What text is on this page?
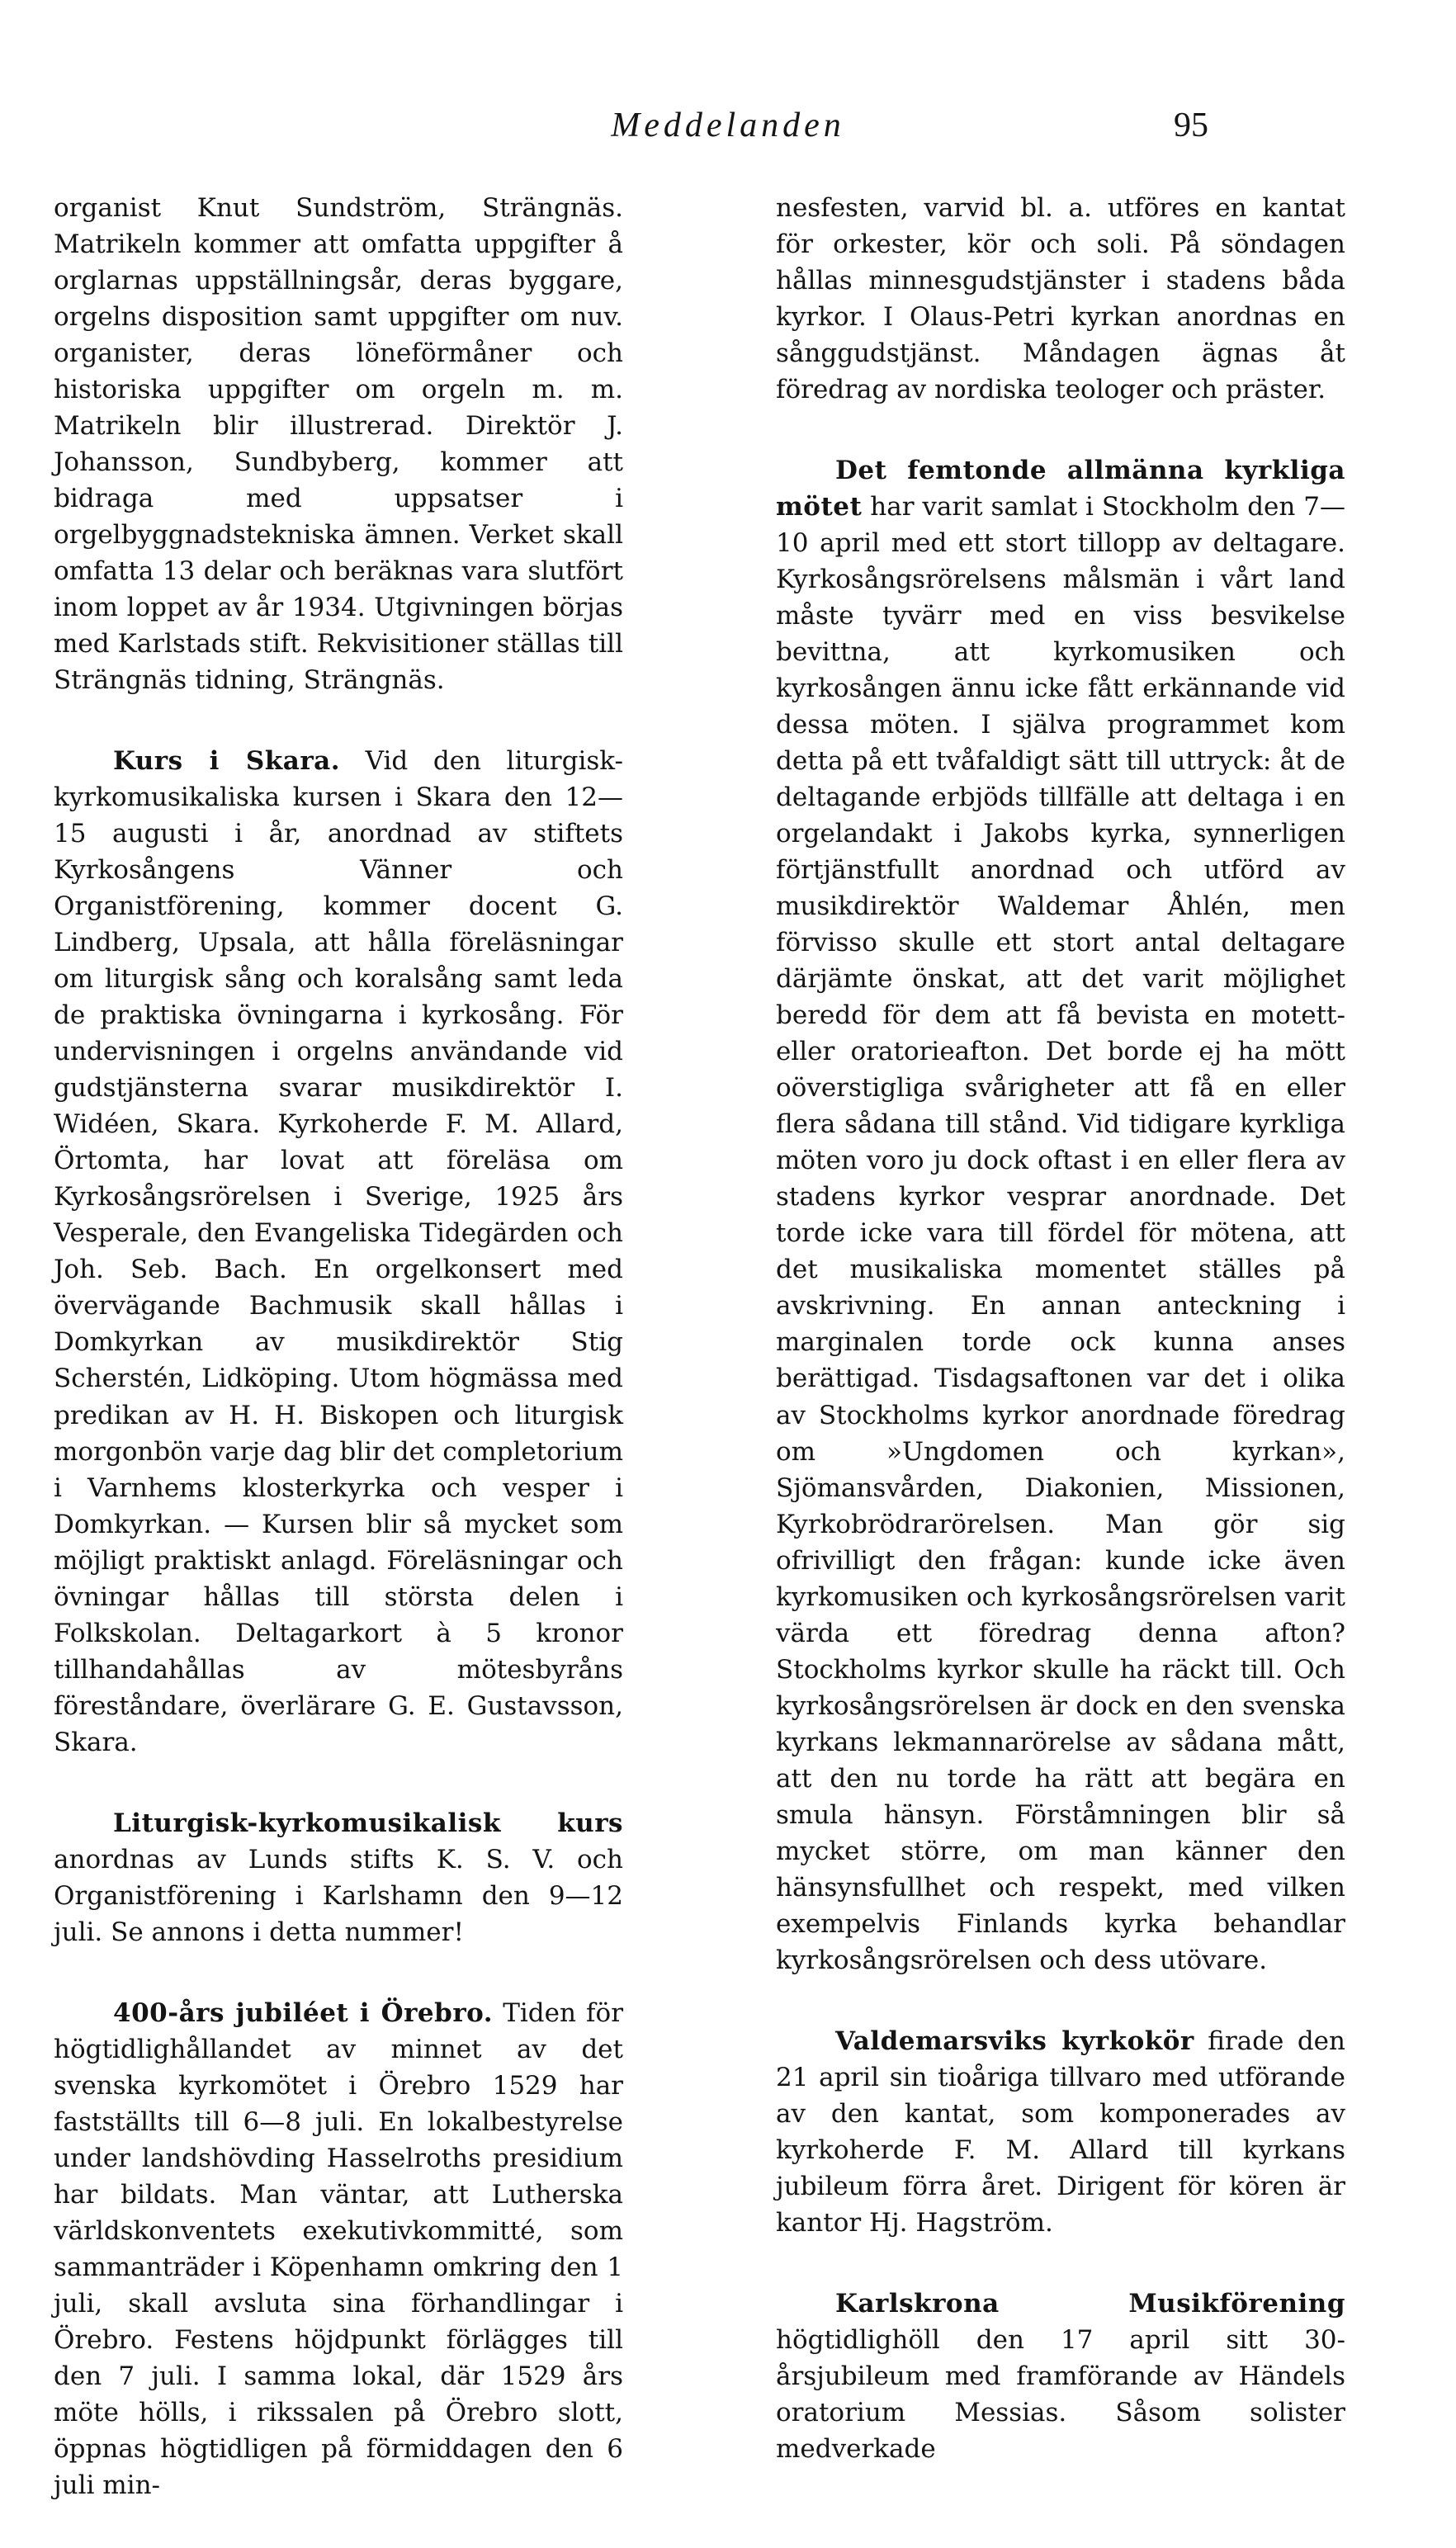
Meddelanden	95

organist Knut Sundström, Strängnäs. Matrikeln kommer att omfatta uppgifter å orglarnas uppställningsår, deras byggare, orgelns disposition samt uppgifter om nuv. organister, deras löneförmåner och historiska uppgifter om orgeln m. m. Matrikeln blir illustrerad. Direktör J. Johansson, Sundbyberg, kommer att bidraga med uppsatser i orgelbyggnadstekniska ämnen. Verket skall omfatta 13 delar och beräknas vara slutfört inom loppet av år 1934. Utgivningen börjas med Karlstads stift. Rekvisitioner ställas till Strängnäs tidning, Strängnäs.

Kurs i Skara. Vid den liturgisk-kyrkomusikaliska kursen i Skara den 12—15 augusti i år, anordnad av stiftets Kyrkosångens Vänner och Organistförening, kommer docent G. Lindberg, Upsala, att hålla föreläsningar om liturgisk sång och koralsång samt leda de praktiska övningarna i kyrkosång. För undervisningen i orgelns användande vid gudstjänsterna svarar musikdirektör I. Widéen, Skara. Kyrkoherde F. M. Allard, Örtomta, har lovat att föreläsa om Kyrkosångsrörelsen i Sverige, 1925 års Vesperale, den Evangeliska Tidegärden och Joh. Seb. Bach. En orgelkonsert med övervägande Bachmusik skall hållas i Domkyrkan av musikdirektör Stig Scherstén, Lidköping. Utom högmässa med predikan av H. H. Biskopen och liturgisk morgonbön varje dag blir det completorium i Varnhems klosterkyrka och vesper i Domkyrkan. — Kursen blir så mycket som möjligt praktiskt anlagd. Föreläsningar och övningar hållas till största delen i Folkskolan. Deltagarkort à 5 kronor tillhandahållas av mötesbyråns föreståndare, överlärare G. E. Gustavsson, Skara.

Liturgisk-kyrkomusikalisk kurs anordnas av Lunds stifts K. S. V. och Organistförening i Karlshamn den 9—12 juli. Se annons i detta nummer!

400-års jubiléet i Örebro. Tiden för högtidlighållandet av minnet av det svenska kyrkomötet i Örebro 1529 har fastställts till 6—8 juli. En lokalbestyrelse under landshövding Hasselroths presidium har bildats. Man väntar, att Lutherska världskonventets exekutivkommitté, som sammanträder i Köpenhamn omkring den 1 juli, skall avsluta sina förhandlingar i Örebro. Festens höjdpunkt förlägges till den 7 juli. I samma lokal, där 1529 års möte hölls, i rikssalen på Örebro slott, öppnas högtidligen på förmiddagen den 6 juli min-

nesfesten, varvid bl. a. utföres en kantat för orkester, kör och soli. På söndagen hållas minnesgudstjänster i stadens båda kyrkor. I Olaus-Petri kyrkan anordnas en sånggudstjänst. Måndagen ägnas åt föredrag av nordiska teologer och präster.

Det femtonde allmänna kyrkliga mötet har varit samlat i Stockholm den 7—10 april med ett stort tillopp av deltagare. Kyrkosångsrörelsens målsmän i vårt land måste tyvärr med en viss besvikelse bevittna, att kyrkomusiken och kyrkosången ännu icke fått erkännande vid dessa möten. I själva programmet kom detta på ett tvåfaldigt sätt till uttryck: åt de deltagande erbjöds tillfälle att deltaga i en orgelandakt i Jakobs kyrka, synnerligen förtjänstfullt anordnad och utförd av musikdirektör Waldemar Åhlén, men förvisso skulle ett stort antal deltagare därjämte önskat, att det varit möjlighet beredd för dem att få bevista en motett- eller oratorieafton. Det borde ej ha mött oöverstigliga svårigheter att få en eller flera sådana till stånd. Vid tidigare kyrkliga möten voro ju dock oftast i en eller flera av stadens kyrkor vesprar anordnade. Det torde icke vara till fördel för mötena, att det musikaliska momentet ställes på avskrivning. En annan anteckning i marginalen torde ock kunna anses berättigad. Tisdagsaftonen var det i olika av Stockholms kyrkor anordnade föredrag om »Ungdomen och kyrkan», Sjömansvården, Diakonien, Missionen, Kyrkobrödrarörelsen. Man gör sig ofrivilligt den frågan: kunde icke även kyrkomusiken och kyrkosångsrörelsen varit värda ett föredrag denna afton? Stockholms kyrkor skulle ha räckt till. Och kyrkosångsrörelsen är dock en den svenska kyrkans lekmannarörelse av sådana mått, att den nu torde ha rätt att begära en smula hänsyn. Förståmningen blir så mycket större, om man känner den hänsynsfullhet och respekt, med vilken exempelvis Finlands kyrka behandlar kyrkosångsrörelsen och dess utövare.

Valdemarsviks kyrkokör firade den 21 april sin tioåriga tillvaro med utförande av den kantat, som komponerades av kyrkoherde F. M. Allard till kyrkans jubileum förra året. Dirigent för kören är kantor Hj. Hagström.

Karlskrona Musikförening högtidlighöll den 17 april sitt 30-årsjubileum med framförande av Händels oratorium Messias. Såsom solister medverkade
